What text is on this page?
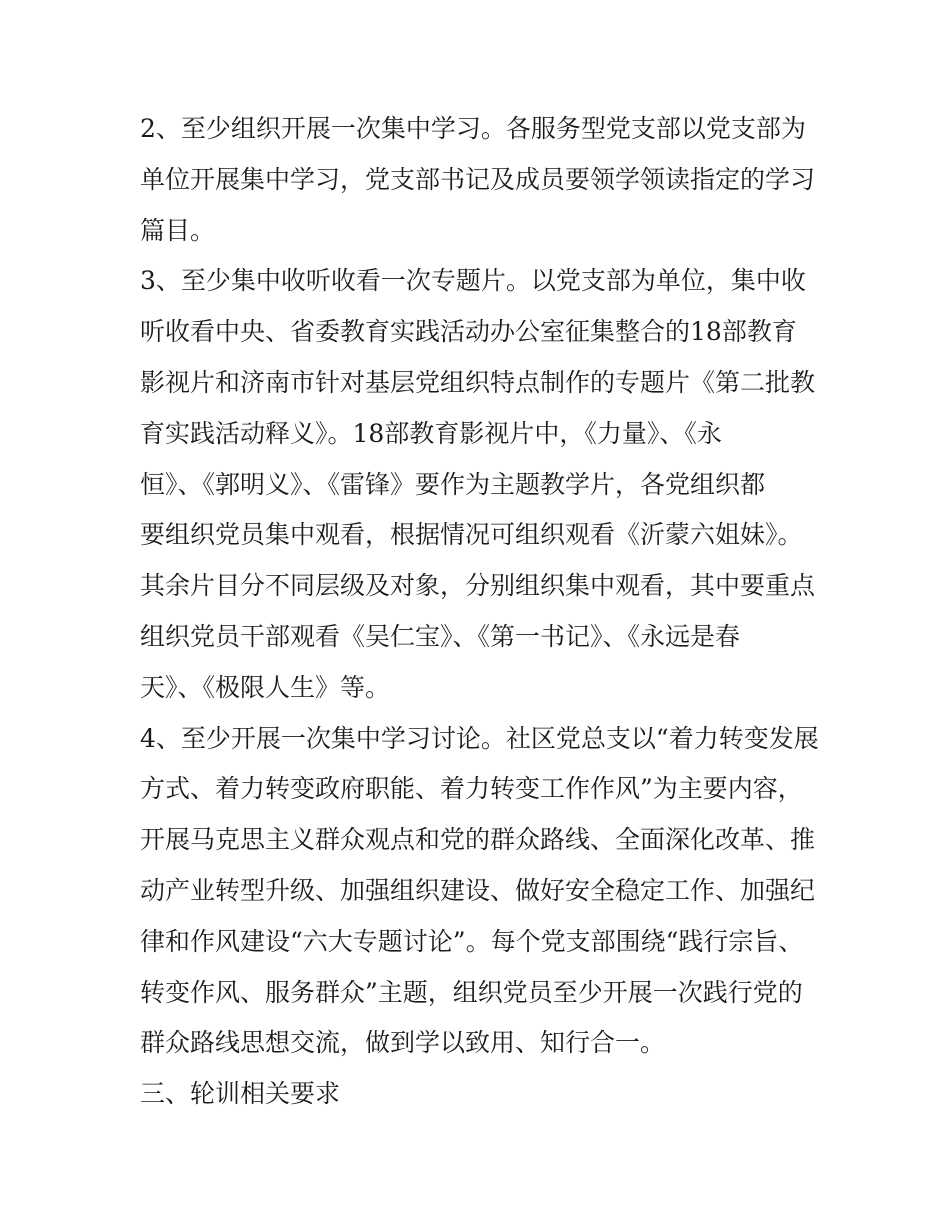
2、至少组织开展一次集中学习。各服务型党支部以党支部为
单位开展集中学习，党支部书记及成员要领学领读指定的学习
篇目。
3、至少集中收听收看一次专题片。以党支部为单位，集中收
听收看中央、省委教育实践活动办公室征集整合的18部教育
影视片和济南市针对基层党组织特点制作的专题片《第二批教
育实践活动释义》。18部教育影视片中，《力量》、《永
恒》、《郭明义》、《雷锋》要作为主题教学片，各党组织都
要组织党员集中观看，根据情况可组织观看《沂蒙六姐妹》。
其余片目分不同层级及对象，分别组织集中观看，其中要重点
组织党员干部观看《吴仁宝》、《第一书记》、《永远是春
天》、《极限人生》等。
4、至少开展一次集中学习讨论。社区党总支以“着力转变发展
方式、着力转变政府职能、着力转变工作作风”为主要内容，
开展马克思主义群众观点和党的群众路线、全面深化改革、推
动产业转型升级、加强组织建设、做好安全稳定工作、加强纪
律和作风建设“六大专题讨论”。每个党支部围绕“践行宗旨、
转变作风、服务群众”主题，组织党员至少开展一次践行党的
群众路线思想交流，做到学以致用、知行合一。
三、轮训相关要求
